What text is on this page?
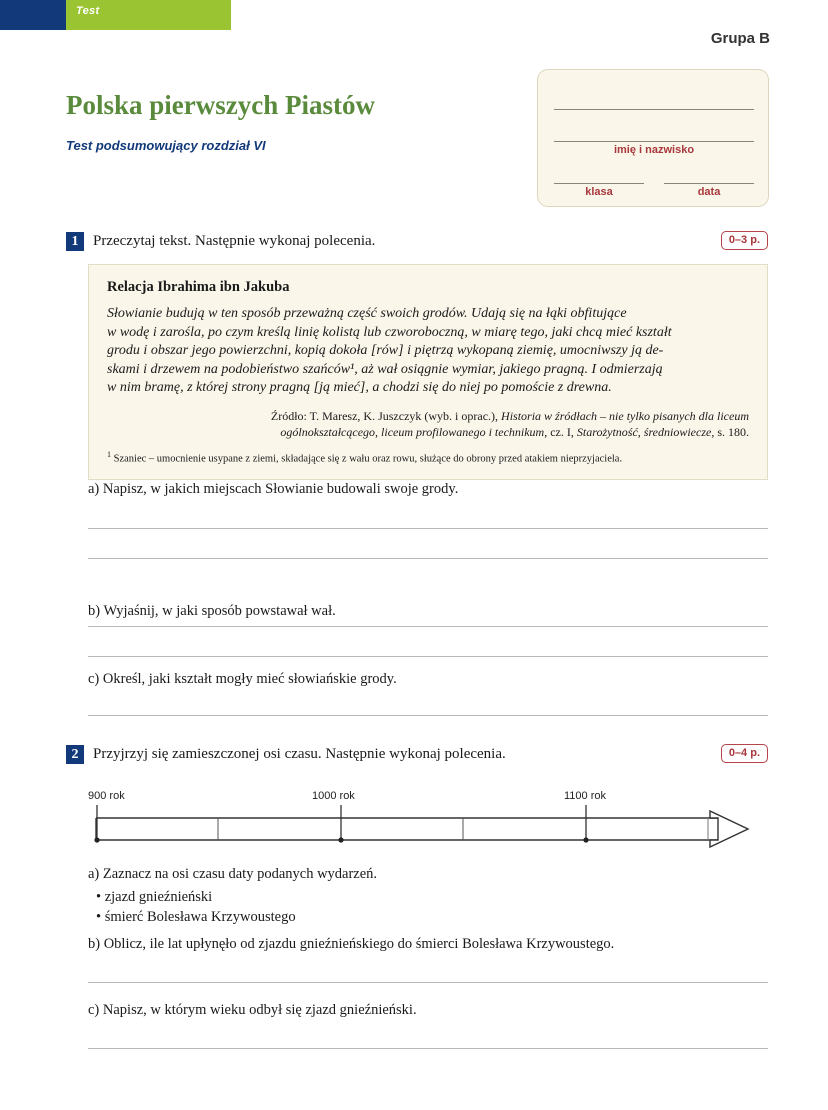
Test
Grupa B
Polska pierwszych Piastów
Test podsumowujący rozdział VI	imię i nazwisko
klasa	data
1 Przeczytaj tekst. Następnie wykonaj polecenia.	0–3 p.
Relacja Ibrahima ibn Jakuba
Słowianie budują w ten sposób przeważną część swoich grodów. Udają się na łąki obfitujące
w wodę i zarośla, po czym kreślą linię kolistą lub czworoboczną, w miarę tego, jaki chcą mieć kształt
grodu i obszar jego powierzchni, kopią dokoła [rów] i piętrzą wykopaną ziemię, umocniwszy ją de-
skami i drzewem na podobieństwo szańców¹, aż wał osiągnie wymiar, jakiego pragną. I odmierzają
w nim bramę, z której strony pragną [ją mieć], a chodzi się do niej po pomoście z drewna.
Źródło: T. Maresz, K. Juszczyk (wyb. i oprac.), Historia w źródłach – nie tylko pisanych dla liceum ogólnokształcącego, liceum profilowanego i technikum, cz. I, Starożytność, średniowiecze, s. 180.
$^1$ Szaniec – umocnienie usypane z ziemi, składające się z wału oraz rowu, służące do obrony przed atakiem nieprzyjaciela.
a) Napisz, w jakich miejscach Słowianie budowali swoje grody.
b) Wyjaśnij, w jaki sposób powstawał wał.
c) Określ, jaki kształt mogły mieć słowiańskie grody.
2 Przyjrzyj się zamieszczonej osi czasu. Następnie wykonaj polecenia.	0–4 p.
900 rok	1000 rok	1100 rok
a) Zaznacz na osi czasu daty podanych wydarzeń.
• zjazd gnieźnieński
• śmierć Bolesława Krzywoustego
b) Oblicz, ile lat upłynęło od zjazdu gnieźnieńskiego do śmierci Bolesława Krzywoustego.
c) Napisz, w którym wieku odbył się zjazd gnieźnieński.
